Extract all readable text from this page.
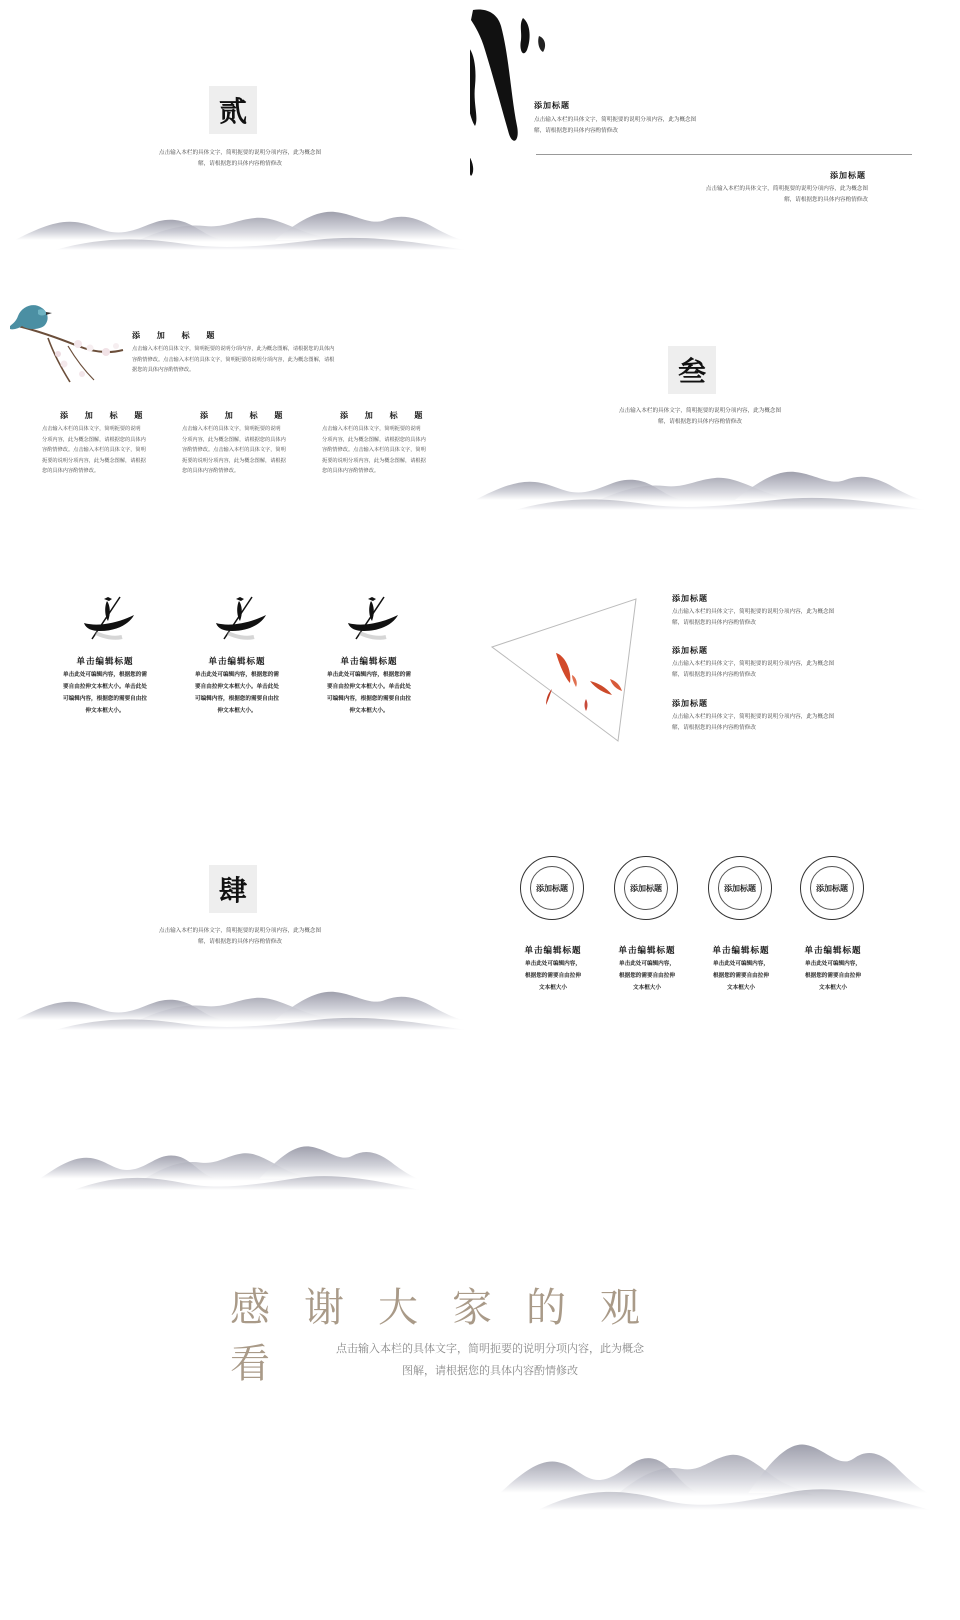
贰
点击输入本栏的具体文字，简明扼要的说明分项内容，此为概念图
解，请根据您的具体内容酌情修改
添加标题
点击输入本栏的具体文字，简明扼要的说明分项内容，此为概念图
解，请根据您的具体内容酌情修改
添加标题
点击输入本栏的具体文字，简明扼要的说明分项内容，此为概念图
解，请根据您的具体内容酌情修改
添 加 标 题
点击输入本栏的具体文字，简明扼要的说明分项内容，此为概念图解，请根据您的具体内
容酌情修改。点击输入本栏的具体文字，简明扼要的说明分项内容，此为概念图解，请根
据您的具体内容酌情修改。
添 加 标 题
点击输入本栏的具体文字，简明扼要的说明
分项内容，此为概念图解，请根据您的具体内
容酌情修改。点击输入本栏的具体文字，简明
扼要的说明分项内容，此为概念图解，请根据
您的具体内容酌情修改。
添 加 标 题
点击输入本栏的具体文字，简明扼要的说明
分项内容，此为概念图解，请根据您的具体内
容酌情修改。点击输入本栏的具体文字，简明
扼要的说明分项内容，此为概念图解，请根据
您的具体内容酌情修改。
添 加 标 题
点击输入本栏的具体文字，简明扼要的说明
分项内容，此为概念图解，请根据您的具体内
容酌情修改。点击输入本栏的具体文字，简明
扼要的说明分项内容，此为概念图解，请根据
您的具体内容酌情修改。
叁
点击输入本栏的具体文字，简明扼要的说明分项内容，此为概念图
解，请根据您的具体内容酌情修改
单击编辑标题
单击此处可编辑内容，根据您的需
要自由拉伸文本框大小。单击此处
可编辑内容，根据您的需要自由拉
伸文本框大小。
单击编辑标题
单击此处可编辑内容，根据您的需
要自由拉伸文本框大小。单击此处
可编辑内容，根据您的需要自由拉
伸文本框大小。
单击编辑标题
单击此处可编辑内容，根据您的需
要自由拉伸文本框大小。单击此处
可编辑内容，根据您的需要自由拉
伸文本框大小。
添加标题
点击输入本栏的具体文字，简明扼要的说明分项内容，此为概念图
解，请根据您的具体内容酌情修改
添加标题
点击输入本栏的具体文字，简明扼要的说明分项内容，此为概念图
解，请根据您的具体内容酌情修改
添加标题
点击输入本栏的具体文字，简明扼要的说明分项内容，此为概念图
解，请根据您的具体内容酌情修改
肆
点击输入本栏的具体文字，简明扼要的说明分项内容，此为概念图
解，请根据您的具体内容酌情修改
添加标题	添加标题	添加标题	添加标题
单击编辑标题
单击此处可编辑内容，
根据您的需要自由拉伸
文本框大小
单击编辑标题
单击此处可编辑内容，
根据您的需要自由拉伸
文本框大小
单击编辑标题
单击此处可编辑内容，
根据您的需要自由拉伸
文本框大小
单击编辑标题
单击此处可编辑内容，
根据您的需要自由拉伸
文本框大小
感谢大家的观看	点击输入本栏的具体文字，简明扼要的说明分项内容，此为概念
图解，请根据您的具体内容酌情修改
